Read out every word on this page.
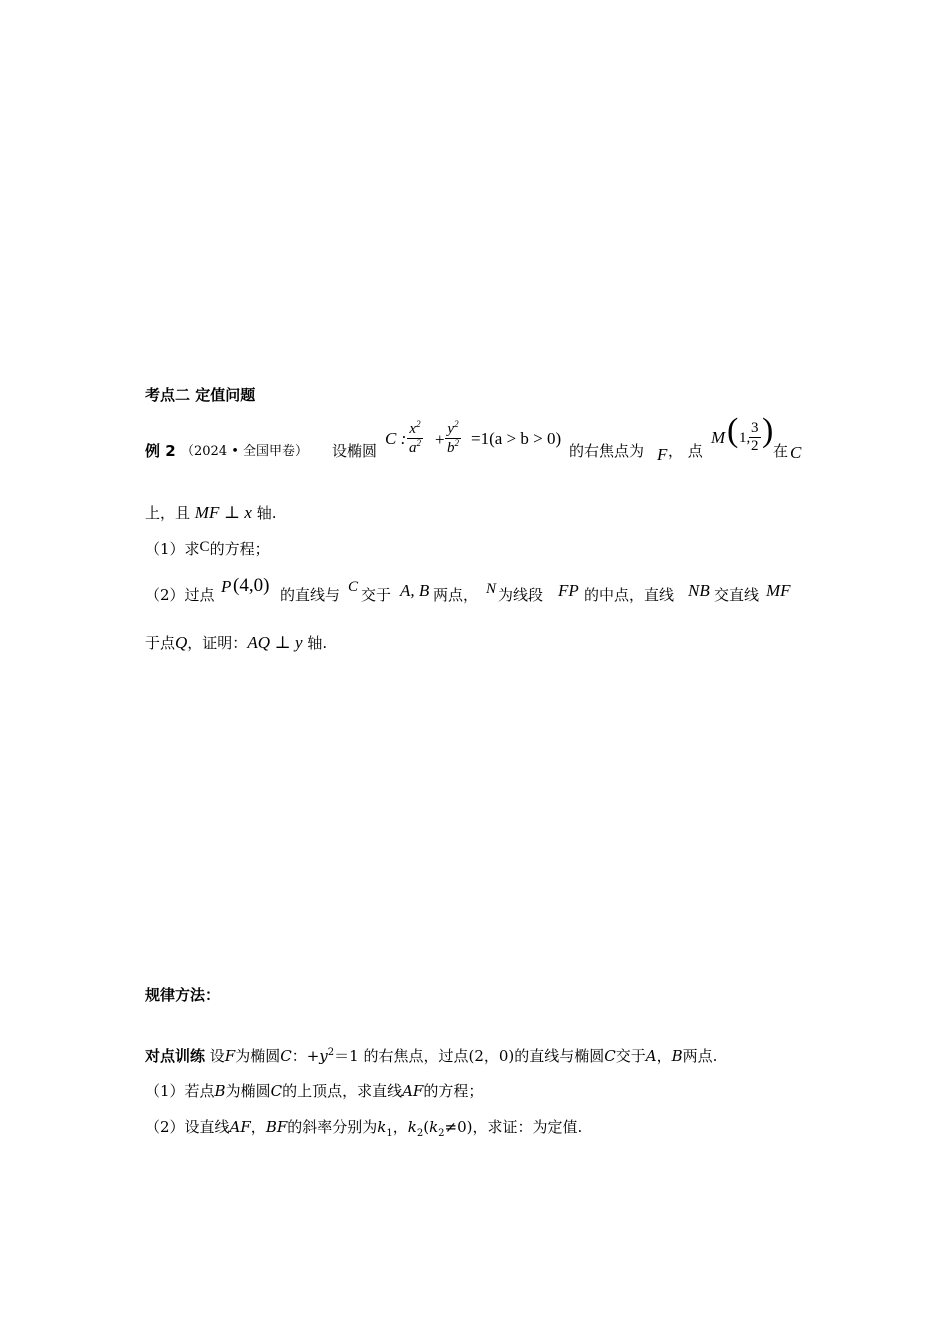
考点二 定值问题
例 2 （2024 • 全国甲卷） 设椭圆
C : $\frac{x^2}{a^2} + \frac{y^2}{b^2} =1(a > b > 0)$
的右焦点为 F ， 点
M ( 1,
$\frac{3}{2}$ )
在 C
上，且 MF ⊥ x 轴.
（1）求C的方程；
（2）过点 P (4,0) 的直线与 C 交于 A, B 两点， N 为线段 FP 的中点，直线 NB 交直线 MF
于点Q，证明：AQ ⊥ y 轴.
规律方法：
对点训练 设F为椭圆C：$+y^2=1$ 的右焦点，过点(2，0)的直线与椭圆C交于A，B两点.
（1）若点B为椭圆C的上顶点，求直线AF的方程；
（2）设直线AF，BF的斜率分别为$k_1$，$k_2(k_2\ne 0)$，求证：为定值.
